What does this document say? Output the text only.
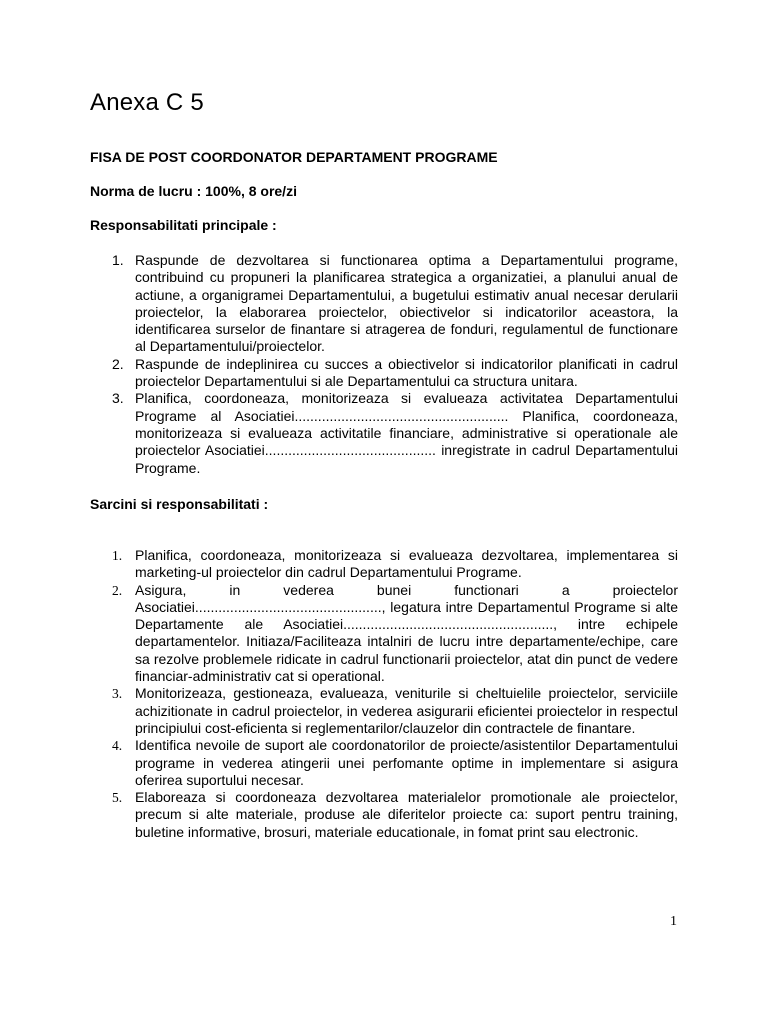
Anexa C 5

FISA DE POST COORDONATOR DEPARTAMENT PROGRAME

Norma de lucru : 100%, 8 ore/zi

Responsabilitati principale :

1. Raspunde de dezvoltarea si functionarea optima a Departamentului programe, contribuind cu propuneri la planificarea strategica a organizatiei, a planului anual de actiune, a organigramei Departamentului, a bugetului estimativ anual necesar derularii proiectelor, la elaborarea proiectelor, obiectivelor si indicatorilor aceastora, la identificarea surselor de finantare si atragerea de fonduri, regulamentul de functionare al Departamentului/proiectelor.
2. Raspunde de indeplinirea cu succes a obiectivelor si indicatorilor planificati in cadrul proiectelor Departamentului si ale Departamentului ca structura unitara.
3. Planifica, coordoneaza, monitorizeaza si evalueaza activitatea Departamentului Programe al Asociatiei....................................................... Planifica, coordoneaza, monitorizeaza si evalueaza activitatile financiare, administrative si operationale ale proiectelor Asociatiei............................................ inregistrate in cadrul Departamentului Programe.

Sarcini si responsabilitati :

1. Planifica, coordoneaza, monitorizeaza si evalueaza dezvoltarea, implementarea si marketing-ul proiectelor din cadrul Departamentului Programe.
2. Asigura, in vederea bunei functionari a proiectelor Asociatiei................................................, legatura intre Departamentul Programe si alte Departamente ale Asociatiei......................................................, intre echipele departamentelor. Initiaza/Faciliteaza intalniri de lucru intre departamente/echipe, care sa rezolve problemele ridicate in cadrul functionarii proiectelor, atat din punct de vedere financiar-administrativ cat si operational.
3. Monitorizeaza, gestioneaza, evalueaza, veniturile si cheltuielile proiectelor, serviciile achizitionate in cadrul proiectelor, in vederea asigurarii eficientei proiectelor in respectul principiului cost-eficienta si reglementarilor/clauzelor din contractele de finantare.
4. Identifica nevoile de suport ale coordonatorilor de proiecte/asistentilor Departamentului programe in vederea atingerii unei perfomante optime in implementare si asigura oferirea suportului necesar.
5. Elaboreaza si coordoneaza dezvoltarea materialelor promotionale ale proiectelor, precum si alte materiale, produse ale diferitelor proiecte ca: suport pentru training, buletine informative, brosuri, materiale educationale, in fomat print sau electronic.
1
